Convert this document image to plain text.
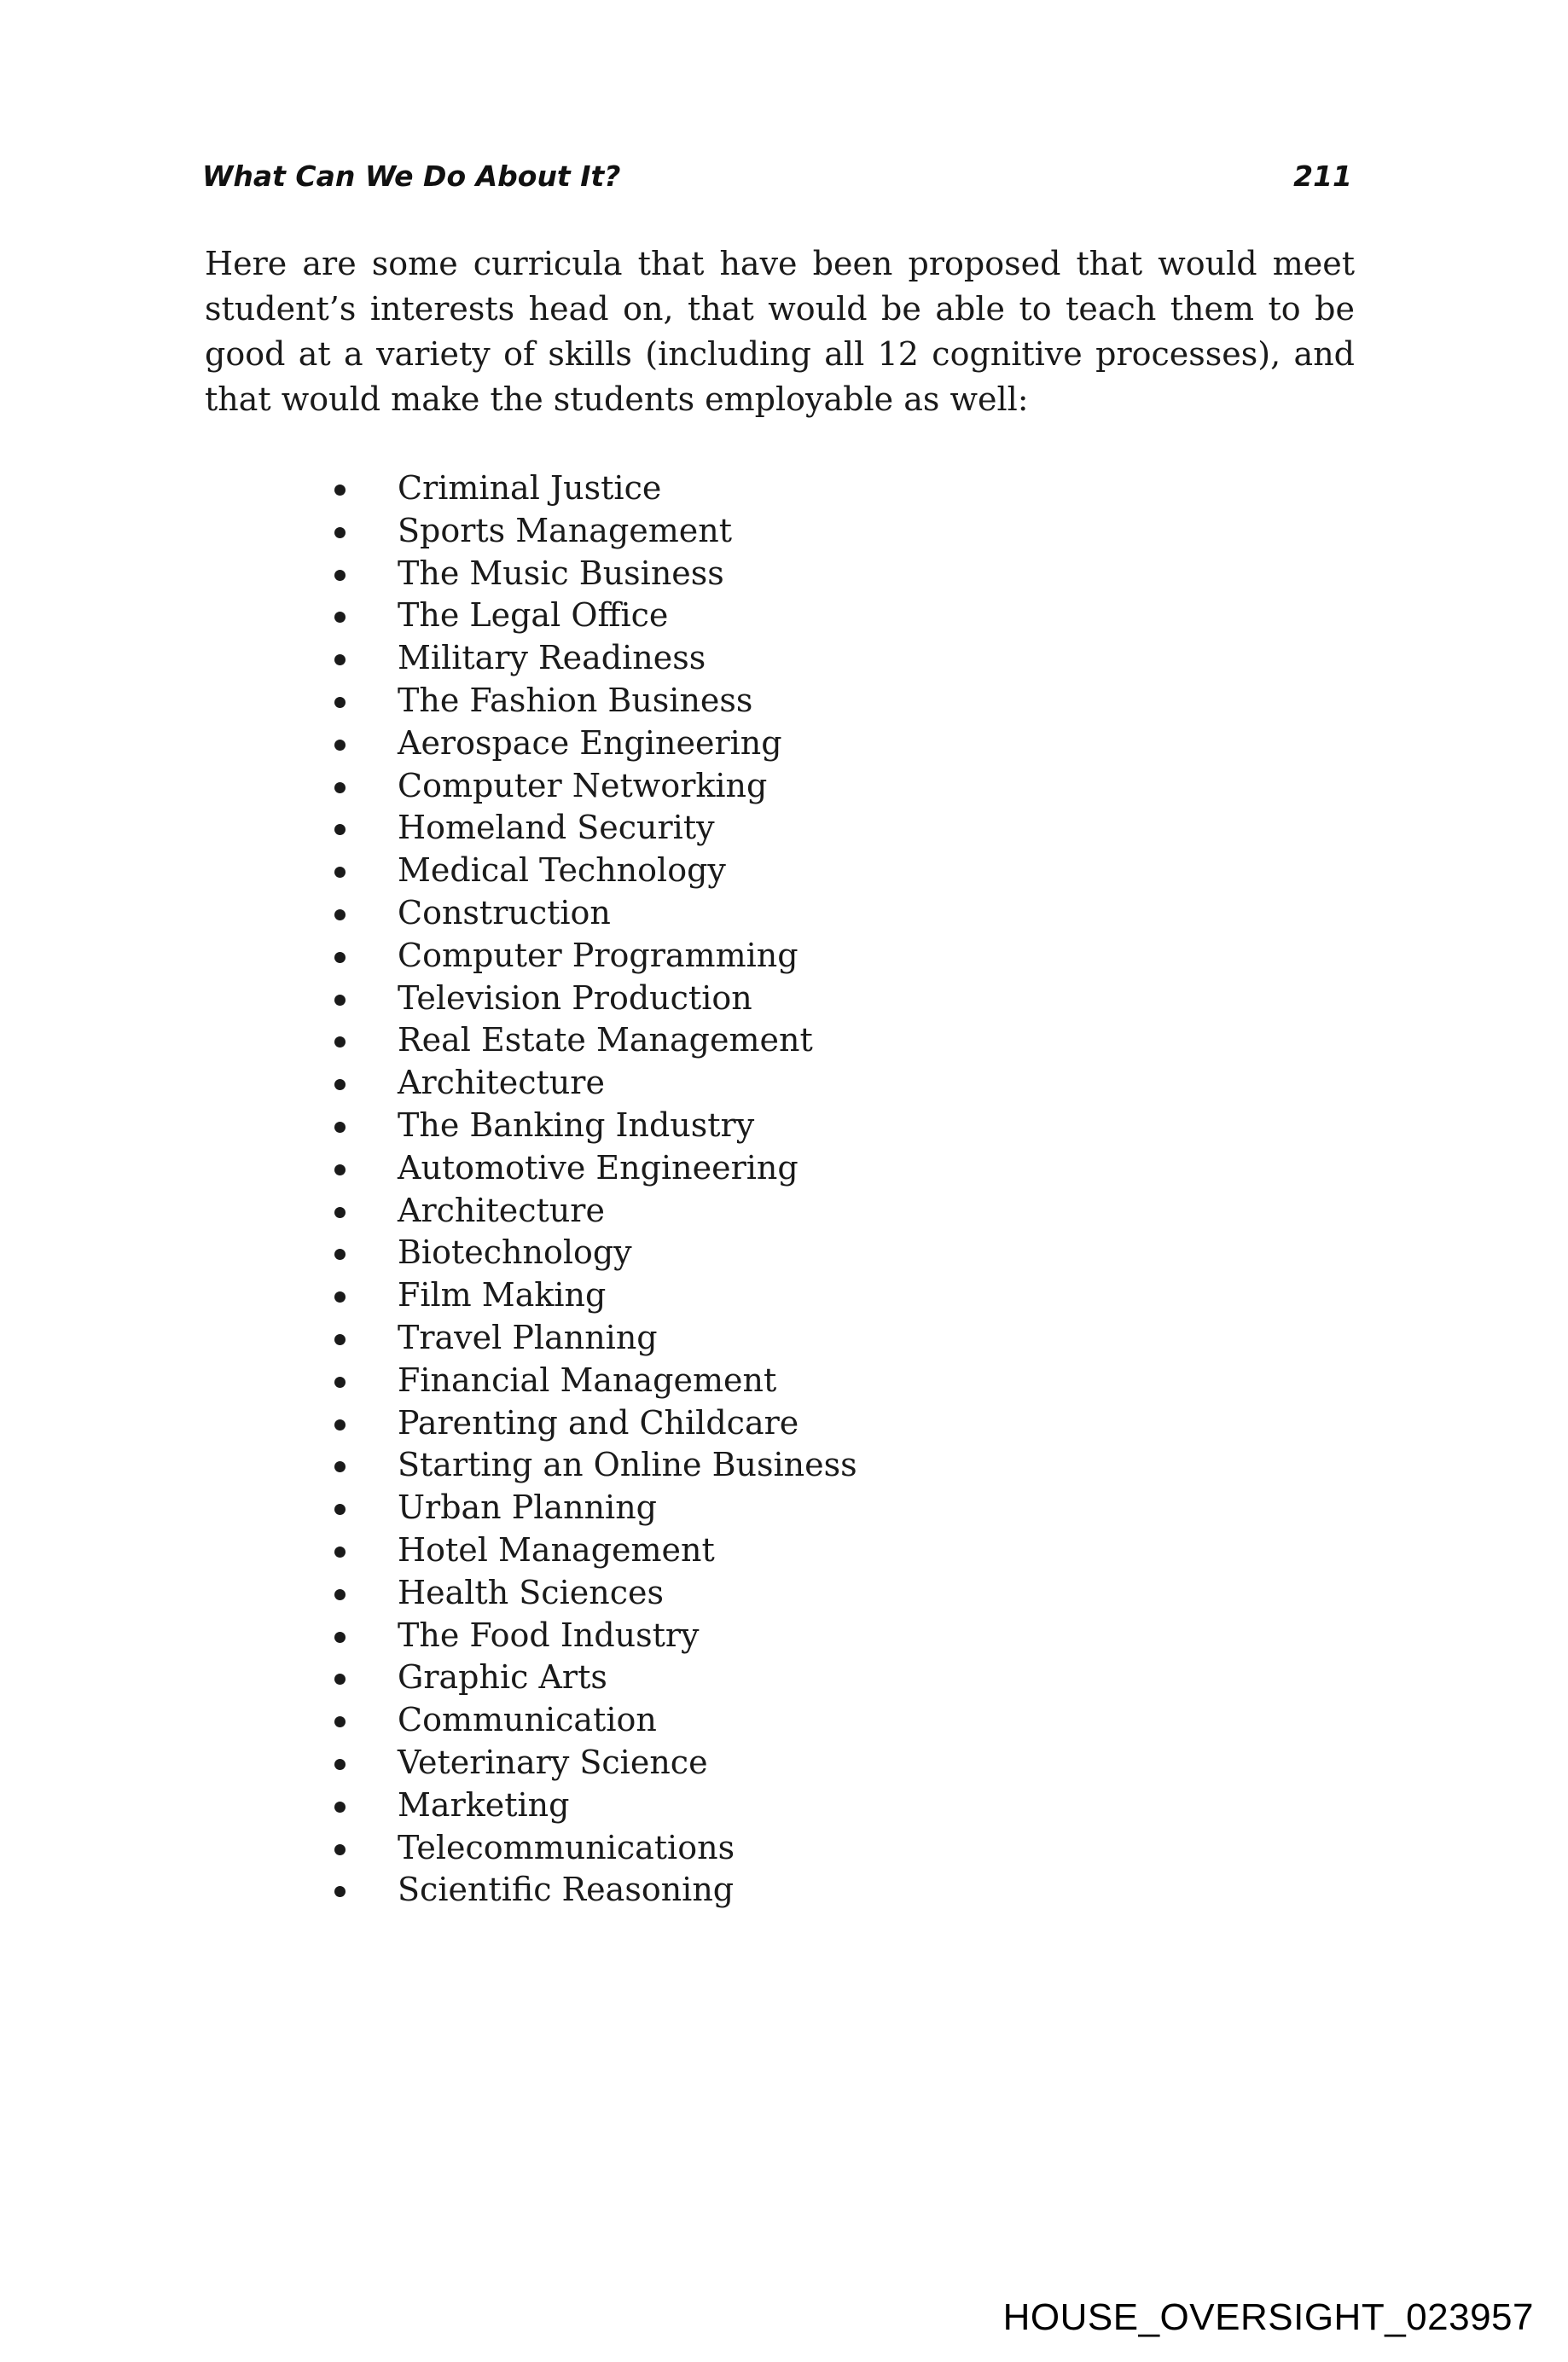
What Can We Do About It?	211

Here are some curricula that have been proposed that would meet student’s interests head on, that would be able to teach them to be good at a variety of skills (including all 12 cognitive processes), and that would make the students employable as well:

Criminal Justice
Sports Management
The Music Business
The Legal Office
Military Readiness
The Fashion Business
Aerospace Engineering
Computer Networking
Homeland Security
Medical Technology
Construction
Computer Programming
Television Production
Real Estate Management
Architecture
The Banking Industry
Automotive Engineering
Architecture
Biotechnology
Film Making
Travel Planning
Financial Management
Parenting and Childcare
Starting an Online Business
Urban Planning
Hotel Management
Health Sciences
The Food Industry
Graphic Arts
Communication
Veterinary Science
Marketing
Telecommunications
Scientific Reasoning
HOUSE_OVERSIGHT_023957
